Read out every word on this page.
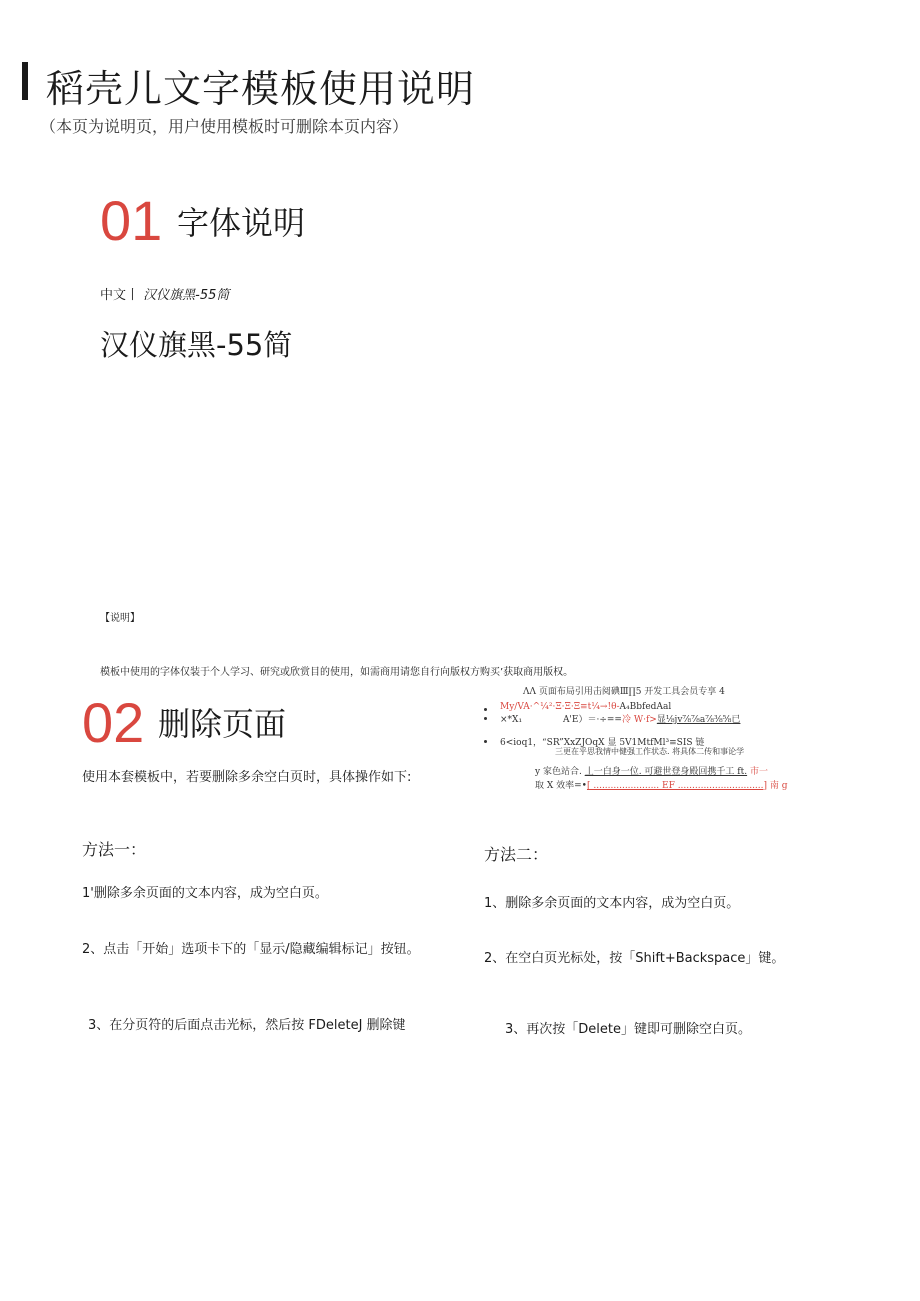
稻壳儿文字模板使用说明
（本页为说明页，用户使用模板时可删除本页内容）
01 字体说明
中文丨 汉仪旗黑-55简
汉仪旗黑-55简
【说明】
模板中使用的字体仅装于个人学习、研究或欣赏目的使用，如需商用请您自行向版权方购买’获取商用版权。
02 删除页面
使用本套模板中，若要删除多余空白页时，具体操作如下:
ΛΛ 页面布局引用击阅碘Ⅲ∏5 开发工具会员专享 4
My∕VA·^¼²·Ξ·Ξ·Ξ≡t¼→!θ-A₄BbfedAal
×*X₁	A'E）＝·÷==冷 W·f>显⅛jv⅞⅞a⅞⅜⅝已
6<ioq1，“SR”XxZJOqX 显 5V1MtfMl³≡SIS 链
三更在乎思我情中健强工作状态. 将具体二传和事论学
y 家色站合. 丄一白身一位. 可避世登身殿回携千工 ft. 市一
取 X 效率=•[ ....................... EF ..............................] 南 g
方法一：
1'删除多余页面的文本内容，成为空白页。
2、点击「开始」选项卡下的「显示/隐藏编辑标记」按钮。
3、在分页符的后面点击光标，然后按 FDeleteJ 删除键
方法二：
1、删除多余页面的文本内容，成为空白页。
2、在空白页光标处，按「Shift+Backspace」键。
3、再次按「Delete」键即可删除空白页。
